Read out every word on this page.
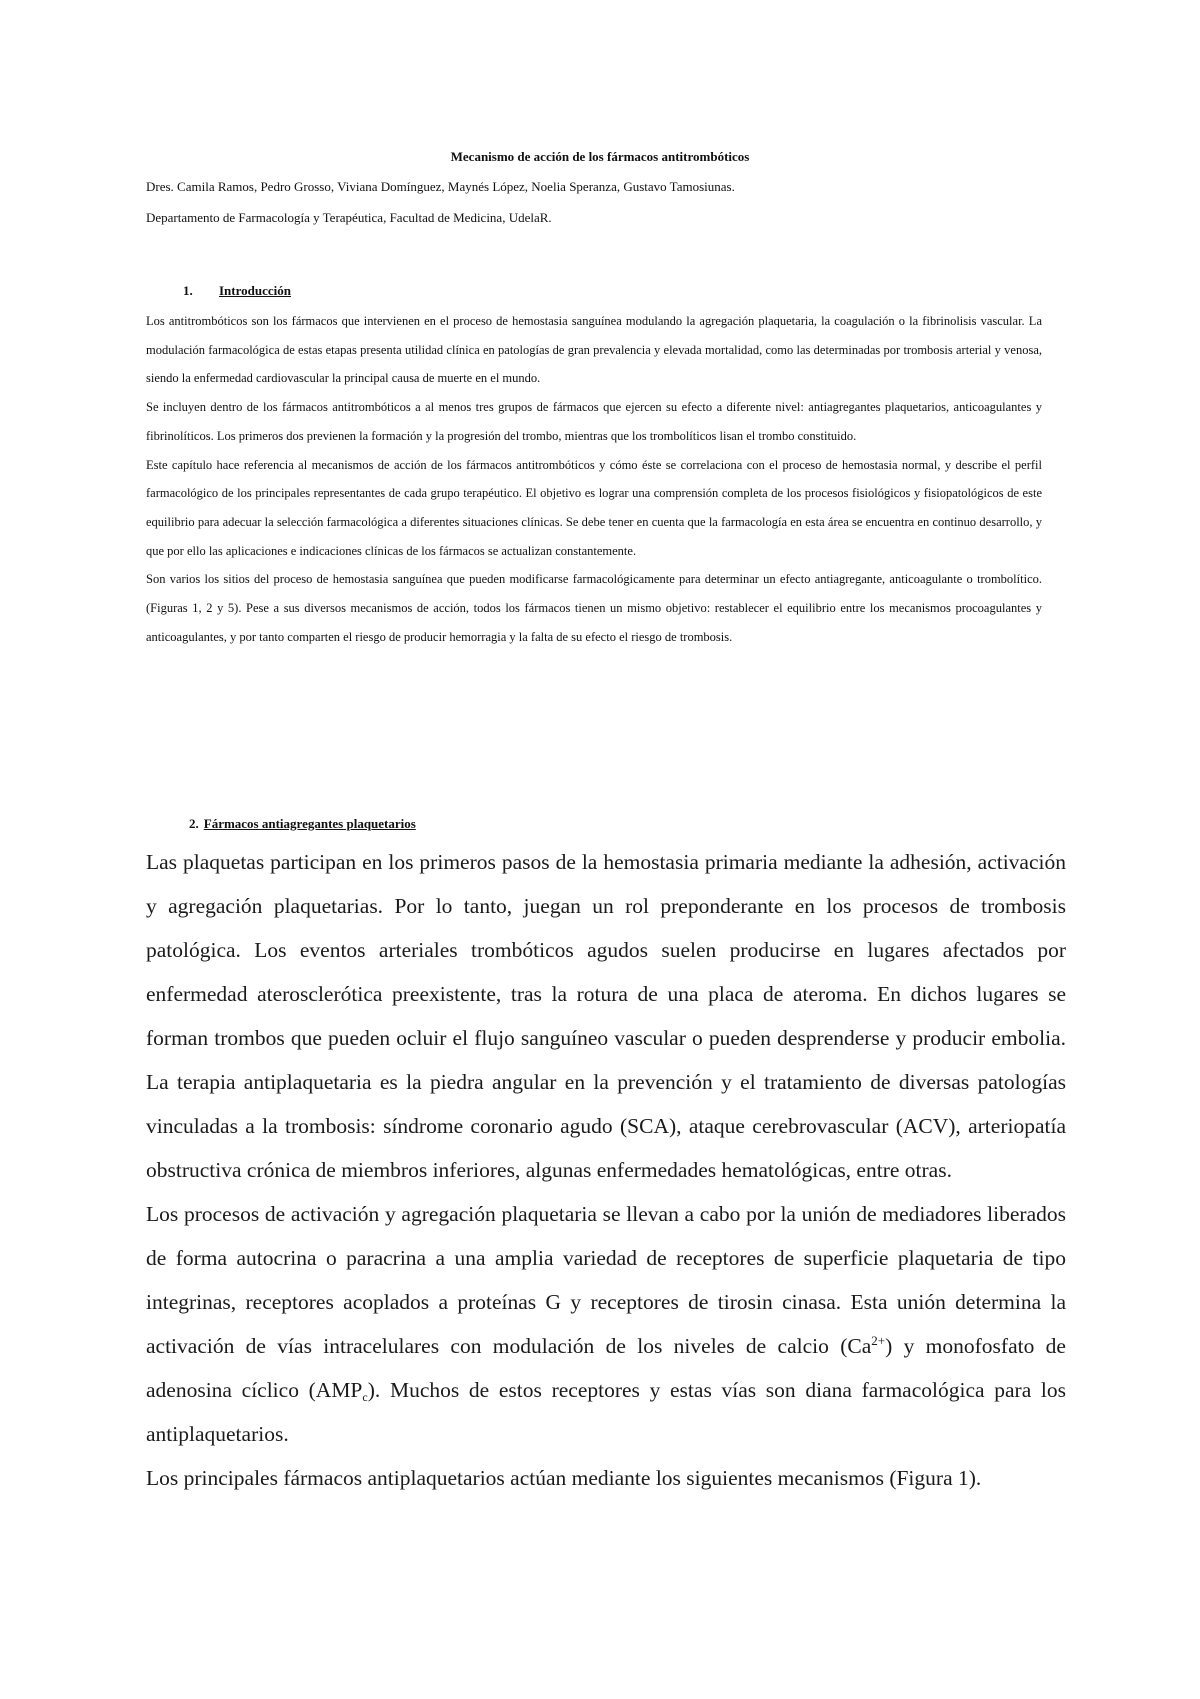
Mecanismo de acción de los fármacos antitrombóticos
Dres. Camila Ramos, Pedro Grosso, Viviana Domínguez, Maynés López, Noelia Speranza, Gustavo Tamosiunas.
Departamento de Farmacología y Terapéutica, Facultad de Medicina, UdelaR.
1. Introducción

Los antitrombóticos son los fármacos que intervienen en el proceso de hemostasia sanguínea modulando la agregación plaquetaria, la coagulación o la fibrinolisis vascular. La modulación farmacológica de estas etapas presenta utilidad clínica en patologías de gran prevalencia y elevada mortalidad, como las determinadas por trombosis arterial y venosa, siendo la enfermedad cardiovascular la principal causa de muerte en el mundo.

Se incluyen dentro de los fármacos antitrombóticos a al menos tres grupos de fármacos que ejercen su efecto a diferente nivel: antiagregantes plaquetarios, anticoagulantes y fibrinolíticos. Los primeros dos previenen la formación y la progresión del trombo, mientras que los trombolíticos lisan el trombo constituido.

Este capítulo hace referencia al mecanismos de acción de los fármacos antitrombóticos y cómo éste se correlaciona con el proceso de hemostasia normal, y describe el perfil farmacológico de los principales representantes de cada grupo terapéutico. El objetivo es lograr una comprensión completa de los procesos fisiológicos y fisiopatológicos de este equilibrio para adecuar la selección farmacológica a diferentes situaciones clínicas. Se debe tener en cuenta que la farmacología en esta área se encuentra en continuo desarrollo, y que por ello las aplicaciones e indicaciones clínicas de los fármacos se actualizan constantemente.

Son varios los sitios del proceso de hemostasia sanguínea que pueden modificarse farmacológicamente para determinar un efecto antiagregante, anticoagulante o trombolítico. (Figuras 1, 2 y 5). Pese a sus diversos mecanismos de acción, todos los fármacos tienen un mismo objetivo: restablecer el equilibrio entre los mecanismos procoagulantes y anticoagulantes, y por tanto comparten el riesgo de producir hemorragia y la falta de su efecto el riesgo de trombosis.

2. Fármacos antiagregantes plaquetarios

Las plaquetas participan en los primeros pasos de la hemostasia primaria mediante la adhesión, activación y agregación plaquetarias. Por lo tanto, juegan un rol preponderante en los procesos de trombosis patológica. Los eventos arteriales trombóticos agudos suelen producirse en lugares afectados por enfermedad aterosclerótica preexistente, tras la rotura de una placa de ateroma. En dichos lugares se forman trombos que pueden ocluir el flujo sanguíneo vascular o pueden desprenderse y producir embolia. La terapia antiplaquetaria es la piedra angular en la prevención y el tratamiento de diversas patologías vinculadas a la trombosis: síndrome coronario agudo (SCA), ataque cerebrovascular (ACV), arteriopatía obstructiva crónica de miembros inferiores, algunas enfermedades hematológicas, entre otras.

Los procesos de activación y agregación plaquetaria se llevan a cabo por la unión de mediadores liberados de forma autocrina o paracrina a una amplia variedad de receptores de superficie plaquetaria de tipo integrinas, receptores acoplados a proteínas G y receptores de tirosin cinasa. Esta unión determina la activación de vías intracelulares con modulación de los niveles de calcio $(Ca^{2+})$ y monofosfato de adenosina cíclico $(AMP_c)$. Muchos de estos receptores y estas vías son diana farmacológica para los antiplaquetarios.

Los principales fármacos antiplaquetarios actúan mediante los siguientes mecanismos (Figura 1).
